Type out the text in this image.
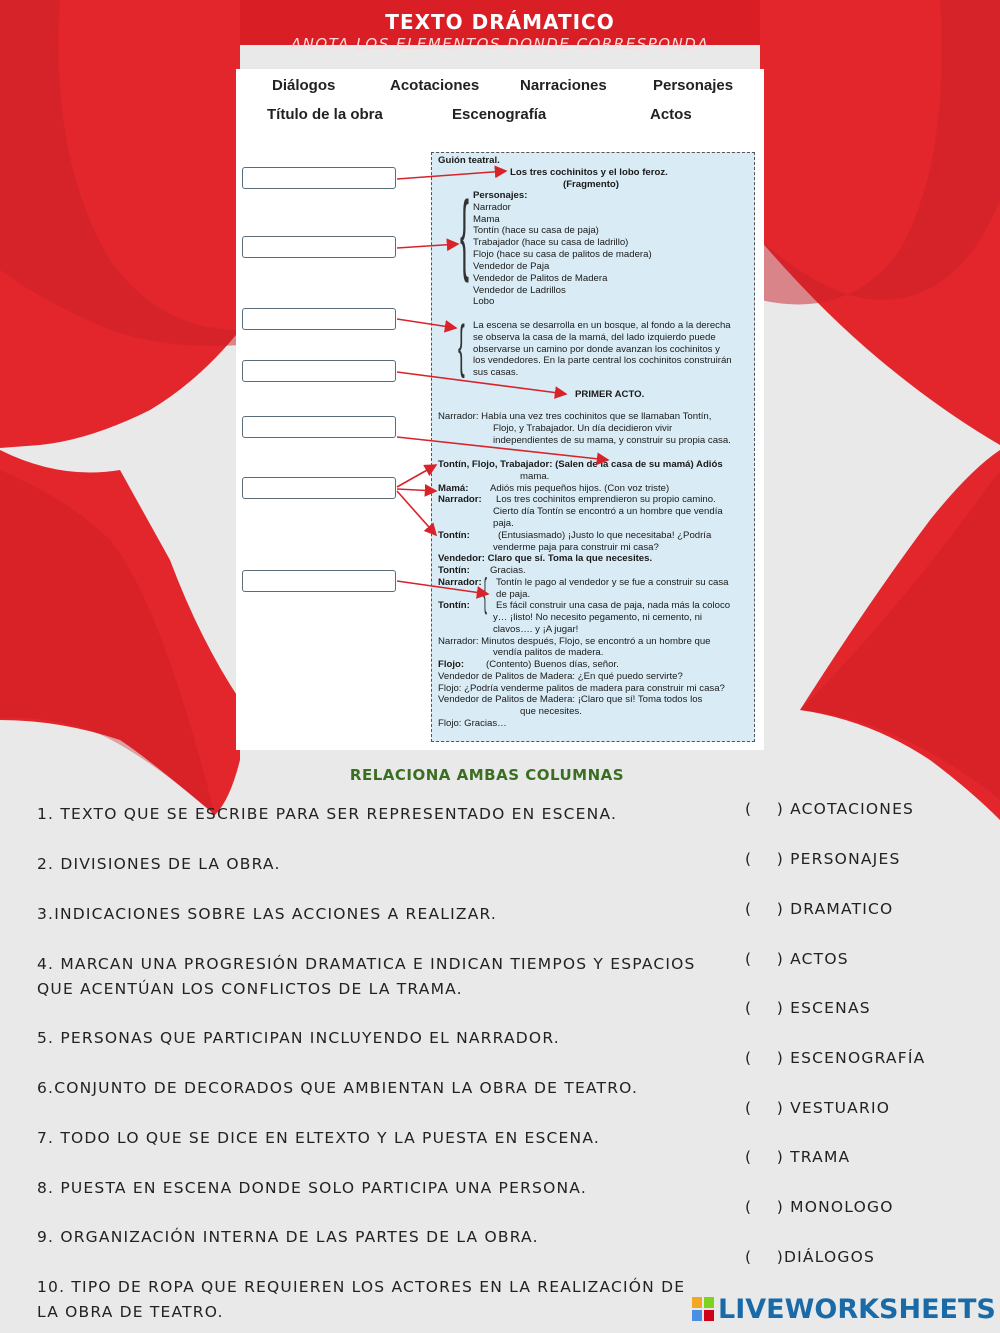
TEXTO DRÁMATICO
ANOTA LOS ELEMENTOS DONDE CORRESPONDA
Diálogos	Acotaciones	Narraciones	Personajes
Título de la obra	Escenografía	Actos
Guión teatral.
Los tres cochinitos y el lobo feroz.
(Fragmento)
{ Personajes:
Narrador
Mama
Tontín (hace su casa de paja)
Trabajador (hace su casa de ladrillo)
Flojo (hace su casa de palitos de madera)
Vendedor de Paja
Vendedor de Palitos de Madera
Vendedor de Ladrillos
Lobo
{ La escena se desarrolla en un bosque, al fondo a la derecha
se observa la casa de la mamá, del lado izquierdo puede
observarse un camino por donde avanzan los cochinitos y
los vendedores. En la parte central los cochinitos construirán
sus casas.
PRIMER ACTO.
Narrador: Había una vez tres cochinitos que se llamaban Tontín,
Flojo, y Trabajador. Un día decidieron vivir
independientes de su mama, y construir su propia casa.
Tontín, Flojo, Trabajador: (Salen de la casa de su mamá) Adiós
mama.
Mamá: Adiós mis pequeños hijos. (Con voz triste)
Narrador: Los tres cochinitos emprendieron su propio camino.
Cierto día Tontín se encontró a un hombre que vendía
paja.
Tontín:	(Entusiasmado) ¡Justo lo que necesitaba! ¿Podría
venderme paja para construir mi casa?
Vendedor: Claro que sí. Toma la que necesites.
Tontín: Gracias.
Narrador: { Tontín le pago al vendedor y se fue a construir su casa
de paja.
Tontín:	Es fácil construir una casa de paja, nada más la coloco
y… ¡listo! No necesito pegamento, ni cemento, ni
clavos…. y ¡A jugar!
Narrador: Minutos después, Flojo, se encontró a un hombre que
vendía palitos de madera.
Flojo: (Contento) Buenos días, señor.
Vendedor de Palitos de Madera: ¿En qué puedo servirte?
Flojo: ¿Podría venderme palitos de madera para construir mi casa?
Vendedor de Palitos de Madera: ¡Claro que sí! Toma todos los
que necesites.
Flojo: Gracias…
RELACIONA AMBAS COLUMNAS
1. TEXTO QUE SE ESCRIBE PARA SER REPRESENTADO EN ESCENA.
2. DIVISIONES DE LA OBRA.
3.INDICACIONES SOBRE LAS ACCIONES A REALIZAR.
4. MARCAN UNA PROGRESIÓN DRAMATICA E INDICAN TIEMPOS Y ESPACIOS QUE ACENTÚAN LOS CONFLICTOS DE LA TRAMA.
5. PERSONAS QUE PARTICIPAN INCLUYENDO EL NARRADOR.
6.CONJUNTO DE DECORADOS QUE AMBIENTAN LA OBRA DE TEATRO.
7. TODO LO QUE SE DICE EN ELTEXTO Y LA PUESTA EN ESCENA.
8. PUESTA EN ESCENA DONDE SOLO PARTICIPA UNA PERSONA.
9. ORGANIZACIÓN INTERNA DE LAS PARTES DE LA OBRA.
10. TIPO DE ROPA QUE REQUIEREN LOS ACTORES EN LA REALIZACIÓN DE LA OBRA DE TEATRO.
(    ) ACOTACIONES
(    ) PERSONAJES
(    ) DRAMATICO
(    ) ACTOS
(    ) ESCENAS
(    ) ESCENOGRAFÍA
(    ) VESTUARIO
(    ) TRAMA
(    ) MONOLOGO
(    )DIÁLOGOS
LIVEWORKSHEETS
